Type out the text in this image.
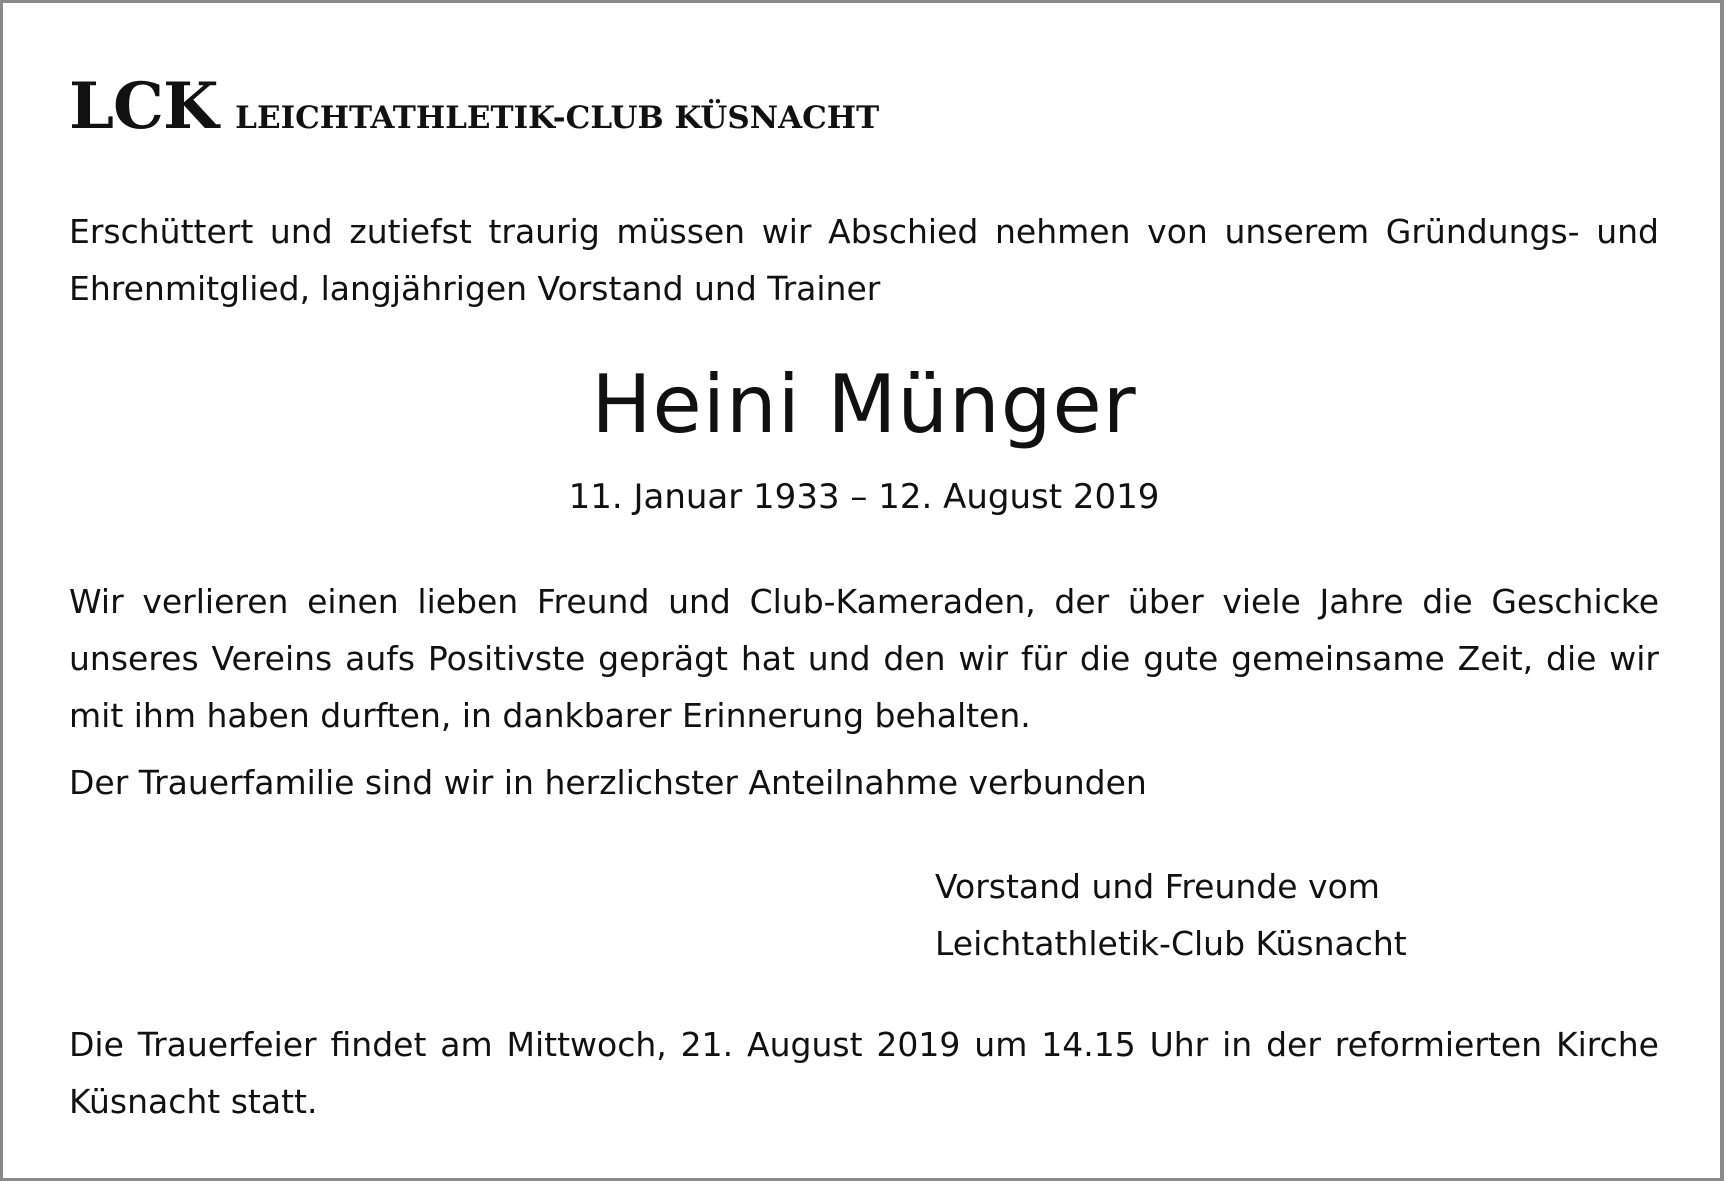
LCK LEICHTATHLETIK-CLUB KÜSNACHT

Erschüttert und zutiefst traurig müssen wir Abschied nehmen von unserem Gründungs- und Ehrenmitglied, langjährigen Vorstand und Trainer

Heini Münger

11. Januar 1933 – 12. August 2019

Wir verlieren einen lieben Freund und Club-Kameraden, der über viele Jahre die Geschicke unseres Vereins aufs Positivste geprägt hat und den wir für die gute gemeinsame Zeit, die wir mit ihm haben durften, in dankbarer Erinnerung behalten.

Der Trauerfamilie sind wir in herzlichster Anteilnahme verbunden

Vorstand und Freunde vom
Leichtathletik-Club Küsnacht

Die Trauerfeier findet am Mittwoch, 21. August 2019 um 14.15 Uhr in der reformierten Kirche Küsnacht statt.
